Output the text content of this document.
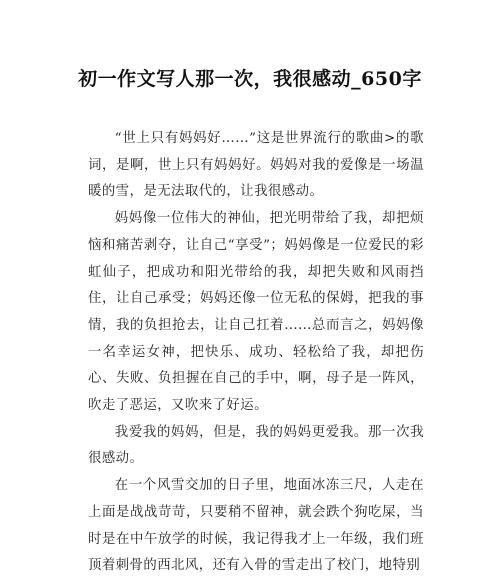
初一作文写人那一次，我很感动_650字

“世上只有妈妈好……”这是世界流行的歌曲>的歌词，是啊，世上只有妈妈好。妈妈对我的爱像是一场温暖的雪，是无法取代的，让我很感动。

妈妈像一位伟大的神仙，把光明带给了我，却把烦恼和痛苦剥夺，让自己“享受”；妈妈像是一位爱民的彩虹仙子，把成功和阳光带给的我，却把失败和风雨挡住，让自己承受；妈妈还像一位无私的保姆，把我的事情，我的负担抢去，让自己扛着……总而言之，妈妈像一名幸运女神，把快乐、成功、轻松给了我，却把伤心、失败、负担握在自己的手中，啊，母子是一阵风，吹走了恶运，又吹来了好运。

我爱我的妈妈，但是，我的妈妈更爱我。那一次我很感动。

在一个风雪交加的日子里，地面冰冻三尺，人走在上面是战战苛苛，只要稍不留神，就会跌个狗吃屎，当时是在中午放学的时候，我记得我才上一年级，我们班顶着刺骨的西北风，还有入骨的雪走出了校门，地特别
